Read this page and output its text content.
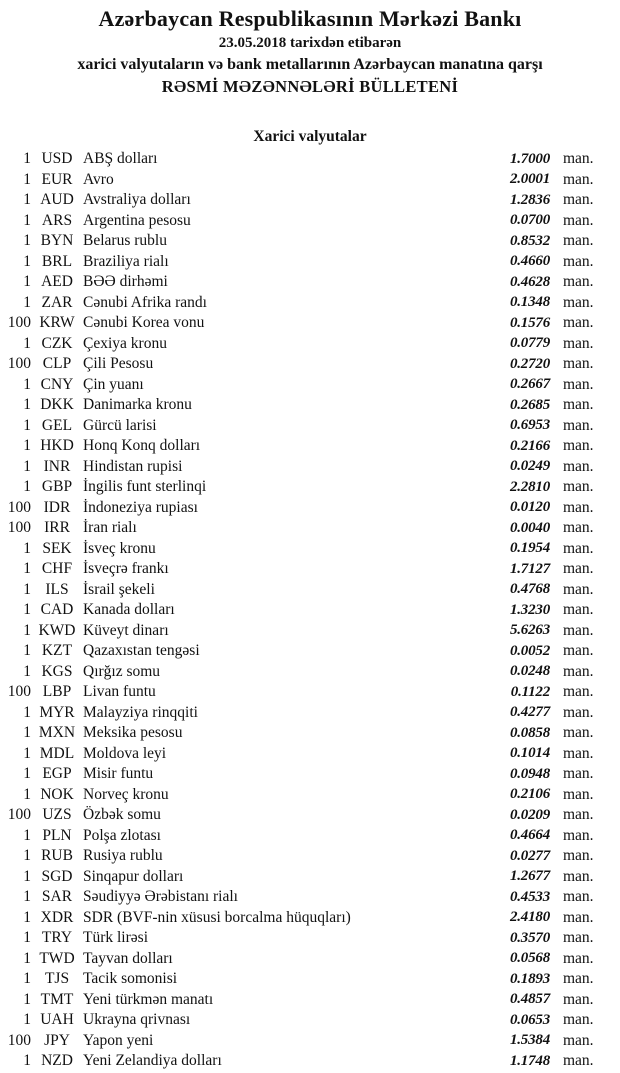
Azərbaycan Respublikasının Mərkəzi Bankı
23.05.2018 tarixdən etibarən
xarici valyutaların və bank metallarının Azərbaycan manatına qarşı
RƏSMİ MƏZƏNNƏLƏRİ BÜLLETENİ
Xarici valyutalar
1 USD ABŞ dolları	1.7000 man.
1 EUR Avro	2.0001 man.
1 AUD Avstraliya dolları	1.2836 man.
1 ARS Argentina pesosu	0.0700 man.
1 BYN Belarus rublu	0.8532 man.
1 BRL Braziliya rialı	0.4660 man.
1 AED BƏƏ dirhəmi	0.4628 man.
1 ZAR Cənubi Afrika randı	0.1348 man.
100 KRW Cənubi Korea vonu	0.1576 man.
1 CZK Çexiya kronu	0.0779 man.
100 CLP Çili Pesosu	0.2720 man.
1 CNY Çin yuanı	0.2667 man.
1 DKK Danimarka kronu	0.2685 man.
1 GEL Gürcü larisi	0.6953 man.
1 HKD Honq Konq dolları	0.2166 man.
1 INR Hindistan rupisi	0.0249 man.
1 GBP İngilis funt sterlinqi	2.2810 man.
100 IDR İndoneziya rupiası	0.0120 man.
100 IRR İran rialı	0.0040 man.
1 SEK İsveç kronu	0.1954 man.
1 CHF İsveçrə frankı	1.7127 man.
1 ILS İsrail şekeli	0.4768 man.
1 CAD Kanada dolları	1.3230 man.
1 KWD Küveyt dinarı	5.6263 man.
1 KZT Qazaxıstan tengəsi	0.0052 man.
1 KGS Qırğız somu	0.0248 man.
100 LBP Livan funtu	0.1122 man.
1 MYR Malayziya rinqqiti	0.4277 man.
1 MXN Meksika pesosu	0.0858 man.
1 MDL Moldova leyi	0.1014 man.
1 EGP Misir funtu	0.0948 man.
1 NOK Norveç kronu	0.2106 man.
100 UZS Özbək somu	0.0209 man.
1 PLN Polşa zlotası	0.4664 man.
1 RUB Rusiya rublu	0.0277 man.
1 SGD Sinqapur dolları	1.2677 man.
1 SAR Səudiyyə Ərəbistanı rialı	0.4533 man.
1 XDR SDR (BVF-nin xüsusi borcalma hüquqları)	2.4180 man.
1 TRY Türk lirəsi	0.3570 man.
1 TWD Tayvan dolları	0.0568 man.
1 TJS Tacik somonisi	0.1893 man.
1 TMT Yeni türkmən manatı	0.4857 man.
1 UAH Ukrayna qrivnası	0.0653 man.
100 JPY Yapon yeni	1.5384 man.
1 NZD Yeni Zelandiya dolları	1.1748 man.
